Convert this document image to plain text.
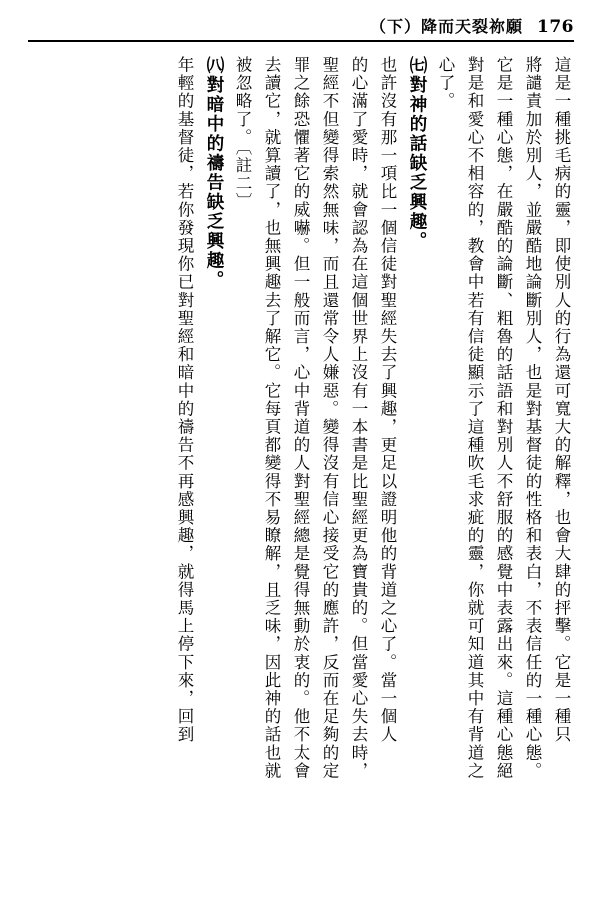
（下）降而天裂祢願 176
這是一種挑毛病的靈，即使別人的行為還可寬大的解釋，也會大肆的抨擊。它是一種只
將譴責加於別人，並嚴酷地論斷別人，也是對基督徒的性格和表白，不表信任的一種心態。
它是一種心態，在嚴酷的論斷、粗魯的話語和對別人不舒服的感覺中表露出來。這種心態絕
對是和愛心不相容的，教會中若有信徒顯示了這種吹毛求疵的靈，你就可知道其中有背道之
心了。
㈦對神的話缺乏興趣。
也許沒有那一項比一個信徒對聖經失去了興趣，更足以證明他的背道之心了。當一個人
的心滿了愛時，就會認為在這個世界上沒有一本書是比聖經更為寶貴的。但當愛心失去時，
聖經不但變得索然無味，而且還常令人嫌惡。變得沒有信心接受它的應許，反而在足夠的定
罪之餘恐懼著它的威嚇。但一般而言，心中背道的人對聖經總是覺得無動於衷的。他不太會
去讀它，就算讀了，也無興趣去了解它。它每頁都變得不易瞭解，且乏味，因此神的話也就
被忽略了。〔註二〕
㈧對暗中的禱告缺乏興趣。
年輕的基督徒，若你發現你已對聖經和暗中的禱告不再感興趣，就得馬上停下來，回到
